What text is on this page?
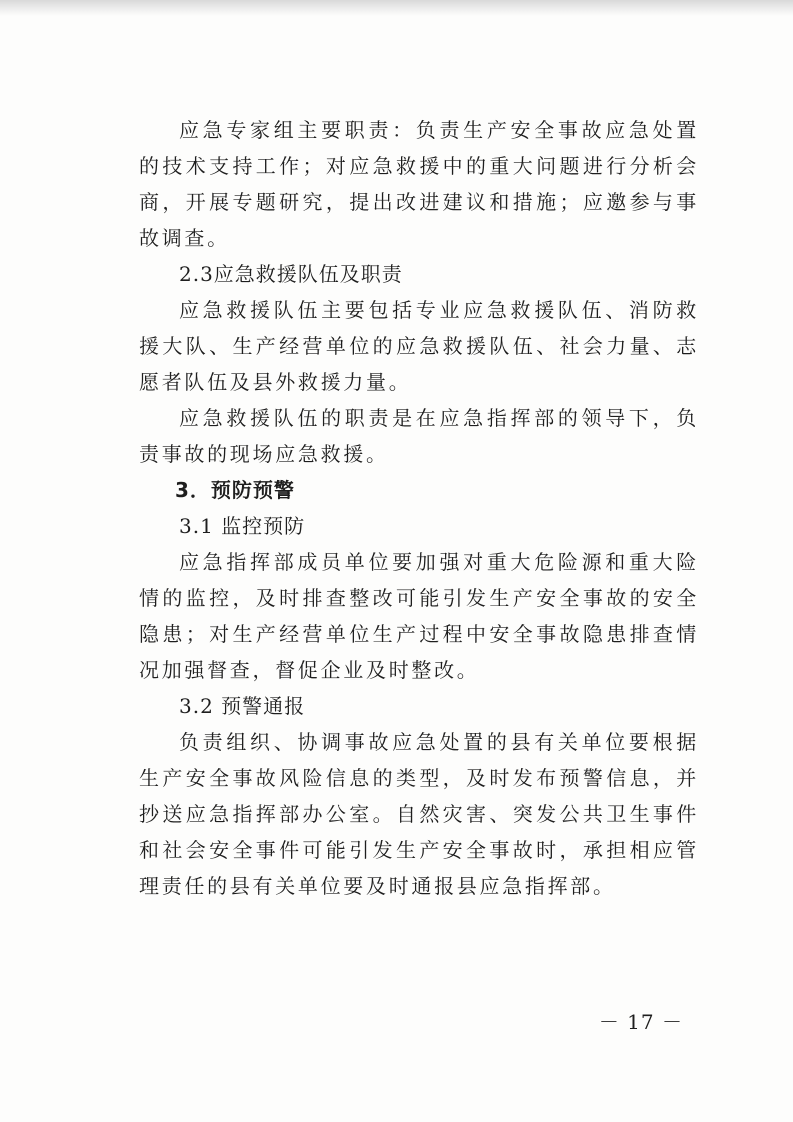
应急专家组主要职责：负责生产安全事故应急处置的技术支持工作；对应急救援中的重大问题进行分析会商，开展专题研究，提出改进建议和措施；应邀参与事故调查。

2.3应急救援队伍及职责

应急救援队伍主要包括专业应急救援队伍、消防救援大队、生产经营单位的应急救援队伍、社会力量、志愿者队伍及县外救援力量。

应急救援队伍的职责是在应急指挥部的领导下，负责事故的现场应急救援。

3．预防预警

3.1 监控预防

应急指挥部成员单位要加强对重大危险源和重大险情的监控，及时排查整改可能引发生产安全事故的安全隐患；对生产经营单位生产过程中安全事故隐患排查情况加强督查，督促企业及时整改。

3.2 预警通报

负责组织、协调事故应急处置的县有关单位要根据生产安全事故风险信息的类型，及时发布预警信息，并抄送应急指挥部办公室。自然灾害、突发公共卫生事件和社会安全事件可能引发生产安全事故时，承担相应管理责任的县有关单位要及时通报县应急指挥部。

－ 17 －
